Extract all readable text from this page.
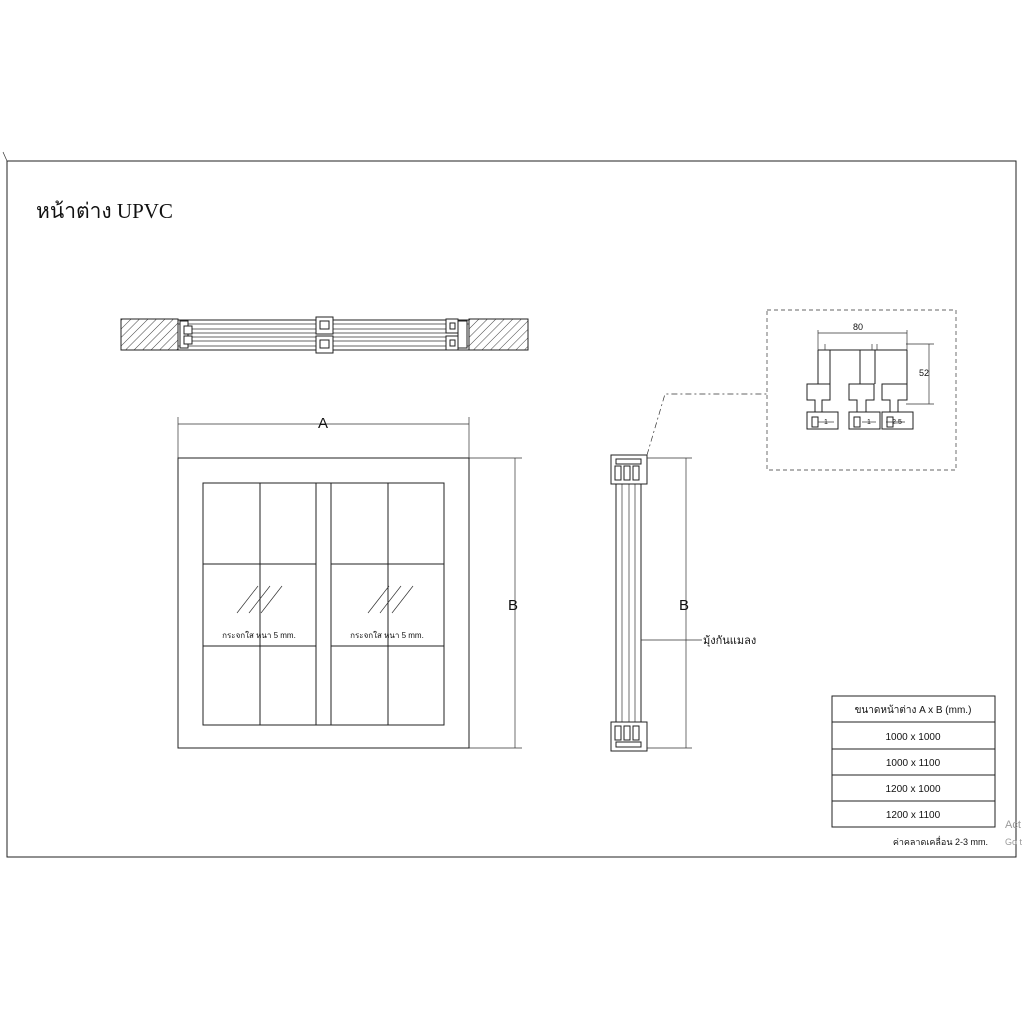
หน้าต่าง UPVC
A
B
กระจกใส หนา 5 mm.	กระจกใส หนา 5 mm.
B
มุ้งกันแมลง
80
52
1	1	2.5
ขนาดหน้าต่าง A x B (mm.)
1000 x 1000
1000 x 1100
1200 x 1000
1200 x 1100
ค่าคลาดเคลื่อน 2-3 mm.
Act
Go t
